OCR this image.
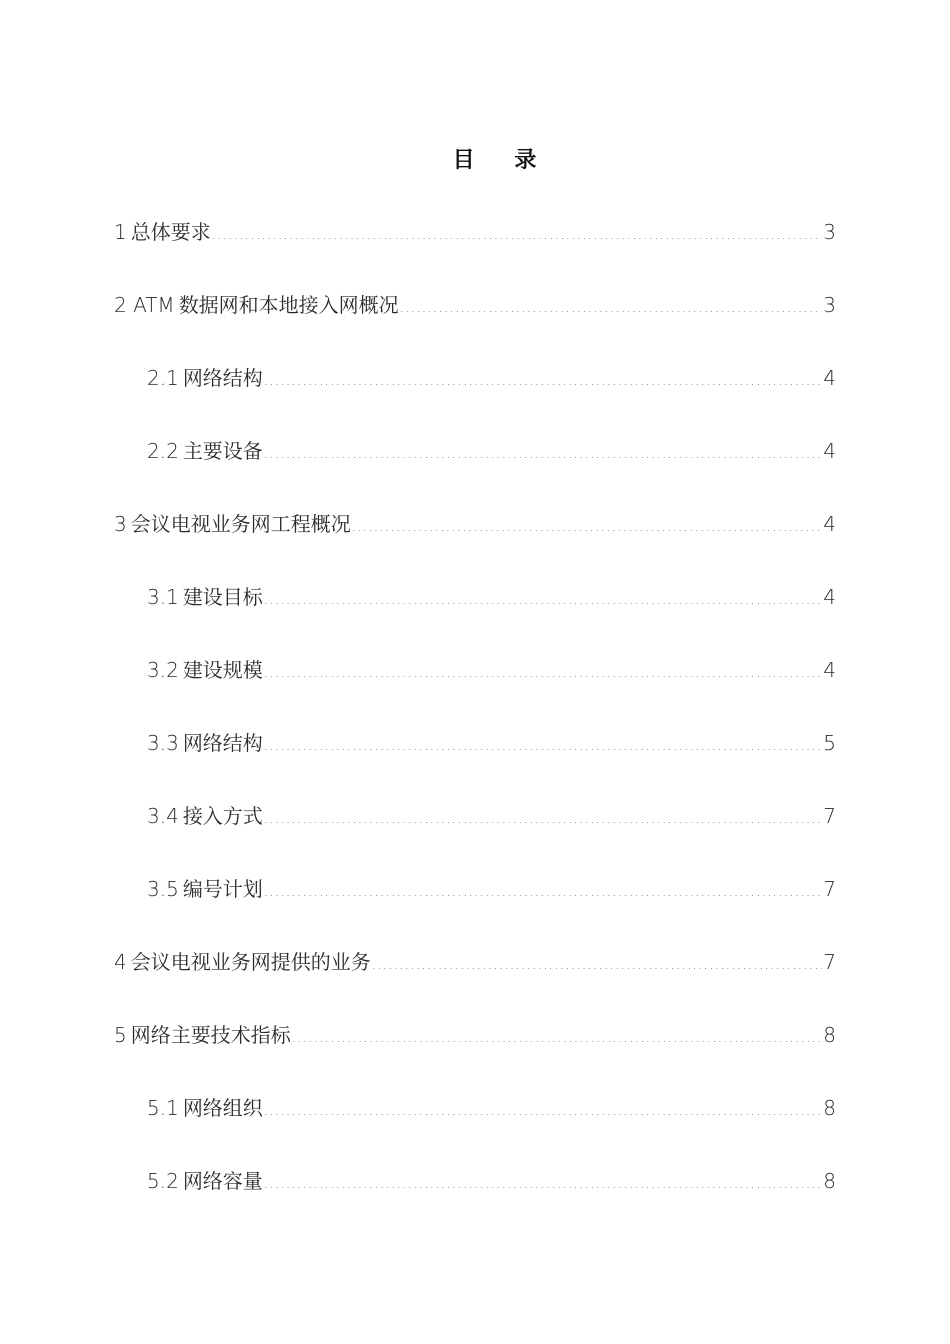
目 录
1 总体要求 .....	3
2 ATM 数据网和本地接入网概况 .....	3
2.1 网络结构 .....	4
2.2 主要设备 .....	4
3 会议电视业务网工程概况 .....	4
3.1 建设目标 .....	4
3.2 建设规模 .....	4
3.3 网络结构 .....	5
3.4 接入方式 .....	7
3.5 编号计划 .....	7
4 会议电视业务网提供的业务 .....	7
5 网络主要技术指标 .....	8
5.1 网络组织 .....	8
5.2 网络容量 .....	8
